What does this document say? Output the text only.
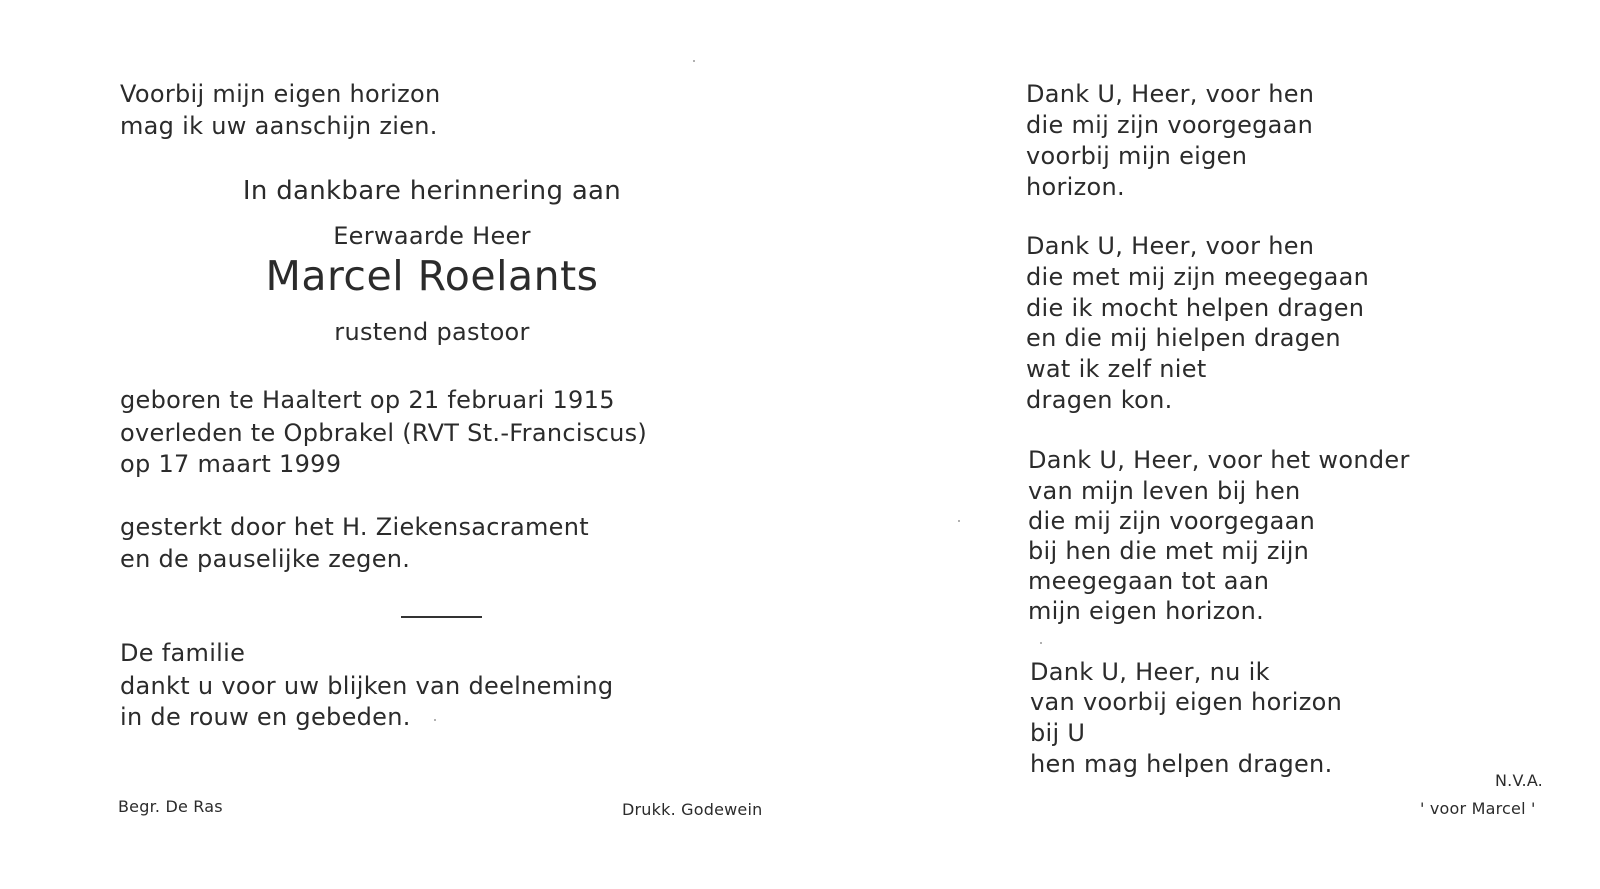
Voorbij mijn eigen horizon
mag ik uw aanschijn zien.
In dankbare herinnering aan
Eerwaarde Heer
Marcel Roelants
rustend pastoor
geboren te Haaltert op 21 februari 1915
overleden te Opbrakel (RVT St.-Franciscus)
op 17 maart 1999
gesterkt door het H. Ziekensacrament
en de pauselijke zegen.
De familie
dankt u voor uw blijken van deelneming
in de rouw en gebeden.
Begr. De Ras	Drukk. Godewein
Dank U, Heer, voor hen
die mij zijn voorgegaan
voorbij mijn eigen
horizon.
Dank U, Heer, voor hen
die met mij zijn meegegaan
die ik mocht helpen dragen
en die mij hielpen dragen
wat ik zelf niet
dragen kon.
Dank U, Heer, voor het wonder
van mijn leven bij hen
die mij zijn voorgegaan
bij hen die met mij zijn
meegegaan tot aan
mijn eigen horizon.
Dank U, Heer, nu ik
van voorbij eigen horizon
bij U
hen mag helpen dragen.
N.V.A.
' voor Marcel '
